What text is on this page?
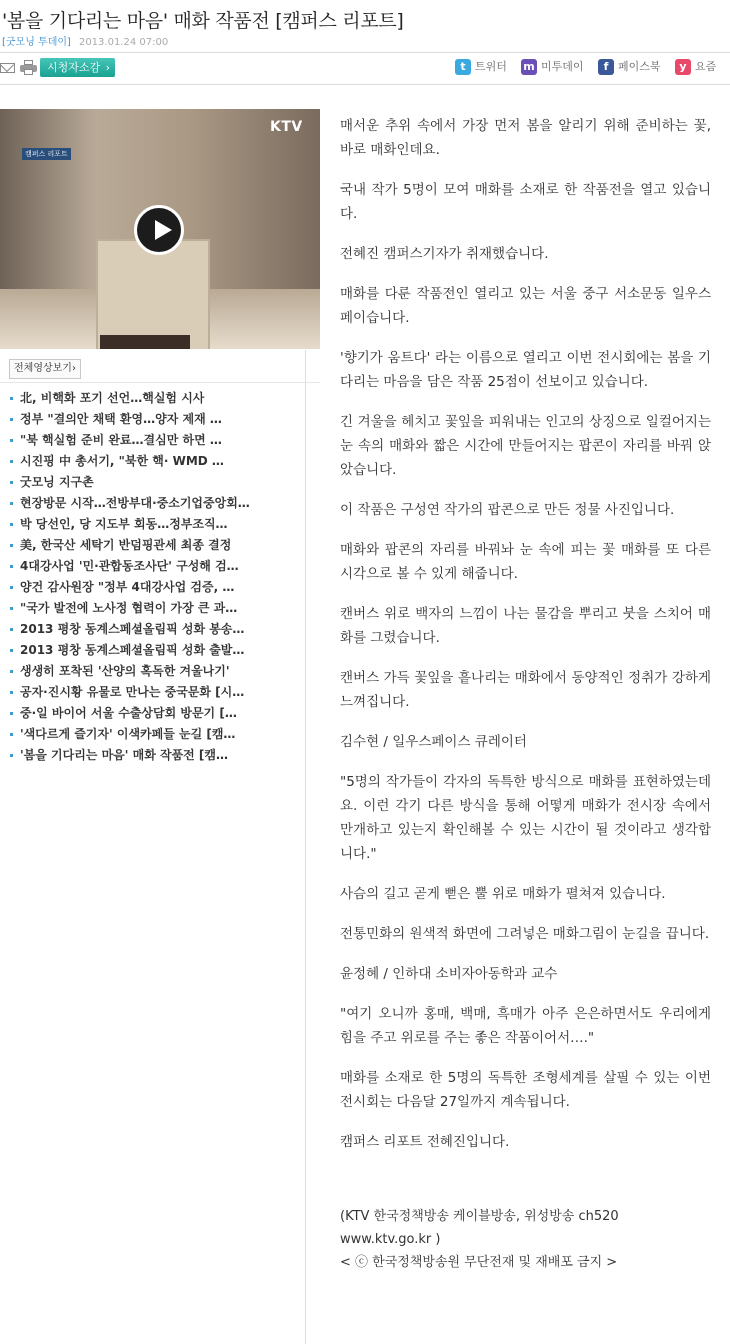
'봄을 기다리는 마음' 매화 작품전 [캠퍼스 리포트]
[굿모닝 투데이] 2013.01.24 07:00
시청자소감 ›	t 트위터 m 미투데이	f 페이스북	y 요즘
KTV
캠퍼스 리포트
전체영상보기›
北, 비핵화 포기 선언…핵실험 시사
정부 "결의안 채택 환영…양자 제재 …
"북 핵실험 준비 완료…결심만 하면 …
시진핑 中 총서기, "북한 핵· WMD …
굿모닝 지구촌
현장방문 시작…전방부대·중소기업중앙회…
박 당선인, 당 지도부 회동…정부조직…
美, 한국산 세탁기 반덤핑관세 최종 결정
4대강사업 '민·관합동조사단' 구성해 검…
양건 감사원장 "정부 4대강사업 검증, …
"국가 발전에 노사정 협력이 가장 큰 과…
2013 평창 동계스페셜올림픽 성화 봉송…
2013 평창 동계스페셜올림픽 성화 출발…
생생히 포착된 '산양의 혹독한 겨울나기'
공자·진시황 유물로 만나는 중국문화 [시…
중·일 바이어 서울 수출상담회 방문기 […
'색다르게 즐기자' 이색카페들 눈길 [캠…
'봄을 기다리는 마음' 매화 작품전 [캠…

매서운 추위 속에서 가장 먼저 봄을 알리기 위해 준비하는 꽃, 바로 매화인데요.

국내 작가 5명이 모여 매화를 소재로 한 작품전을 열고 있습니다.

전혜진 캠퍼스기자가 취재했습니다.

매화를 다룬 작품전인 열리고 있는 서울 중구 서소문동 일우스페이습니다.

'향기가 움트다' 라는 이름으로 열리고 이번 전시회에는 봄을 기다리는 마음을 담은 작품 25점이 선보이고 있습니다.

긴 겨울을 헤치고 꽃잎을 피워내는 인고의 상징으로 일컬어지는 눈 속의 매화와 짧은 시간에 만들어지는 팝콘이 자리를 바꿔 앉았습니다.

이 작품은 구성연 작가의 팝콘으로 만든 정물 사진입니다.

매화와 팝콘의 자리를 바꿔놔 눈 속에 피는 꽃 매화를 또 다른 시각으로 볼 수 있게 해줍니다.

캔버스 위로 백자의 느낌이 나는 물감을 뿌리고 붓을 스치어 매화를 그렸습니다.

캔버스 가득 꽃잎을 흩나리는 매화에서 동양적인 정취가 강하게 느껴집니다.

김수현 / 일우스페이스 큐레이터

"5명의 작가들이 각자의 독특한 방식으로 매화를 표현하였는데요. 이런 각기 다른 방식을 통해 어떻게 매화가 전시장 속에서 만개하고 있는지 확인해볼 수 있는 시간이 될 것이라고 생각합니다."

사슴의 길고 곧게 뻗은 뿔 위로 매화가 펼쳐져 있습니다.

전통민화의 원색적 화면에 그려넣은 매화그림이 눈길을 끕니다.

윤정혜 / 인하대 소비자아동학과 교수

"여기 오니까 홍매, 백매, 흑매가 아주 은은하면서도 우리에게 힘을 주고 위로를 주는 좋은 작품이어서…."

매화를 소재로 한 5명의 독특한 조형세계를 살필 수 있는 이번 전시회는 다음달 27일까지 계속됩니다.

캠퍼스 리포트 전혜진입니다.

(KTV 한국정책방송 케이블방송, 위성방송 ch520
www.ktv.go.kr )
< ⓒ 한국정책방송원 무단전재 및 재배포 금지 >
